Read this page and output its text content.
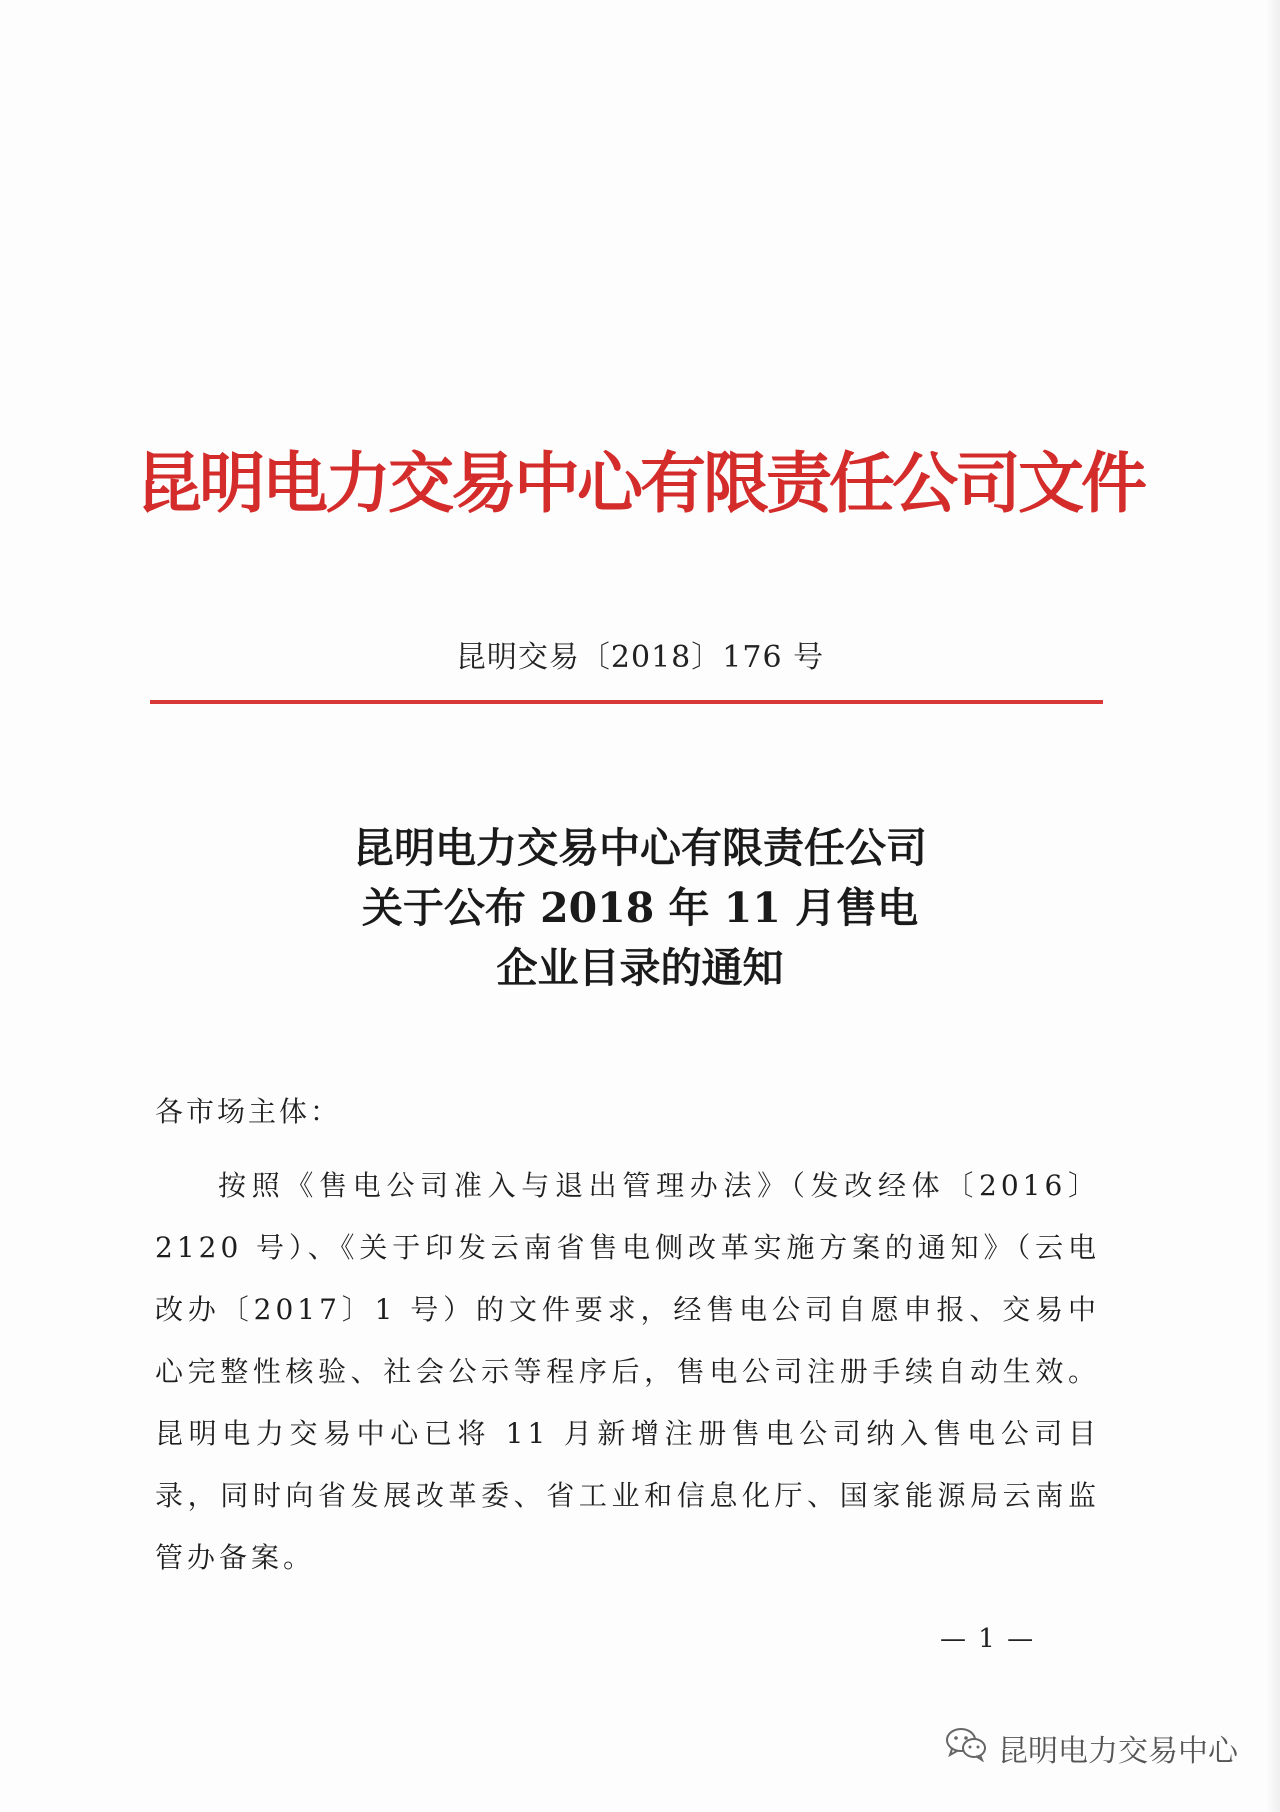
昆明电力交易中心有限责任公司文件
昆明交易〔2018〕176 号
昆明电力交易中心有限责任公司
关于公布 2018 年 11 月售电
企业目录的通知
各市场主体：
按照《售电公司准入与退出管理办法》（发改经体〔2016〕2120 号）、《关于印发云南省售电侧改革实施方案的通知》（云电改办〔2017〕1 号）的文件要求，经售电公司自愿申报、交易中心完整性核验、社会公示等程序后，售电公司注册手续自动生效。昆明电力交易中心已将 11 月新增注册售电公司纳入售电公司目录，同时向省发展改革委、省工业和信息化厅、国家能源局云南监管办备案。
— 1 —
昆明电力交易中心
